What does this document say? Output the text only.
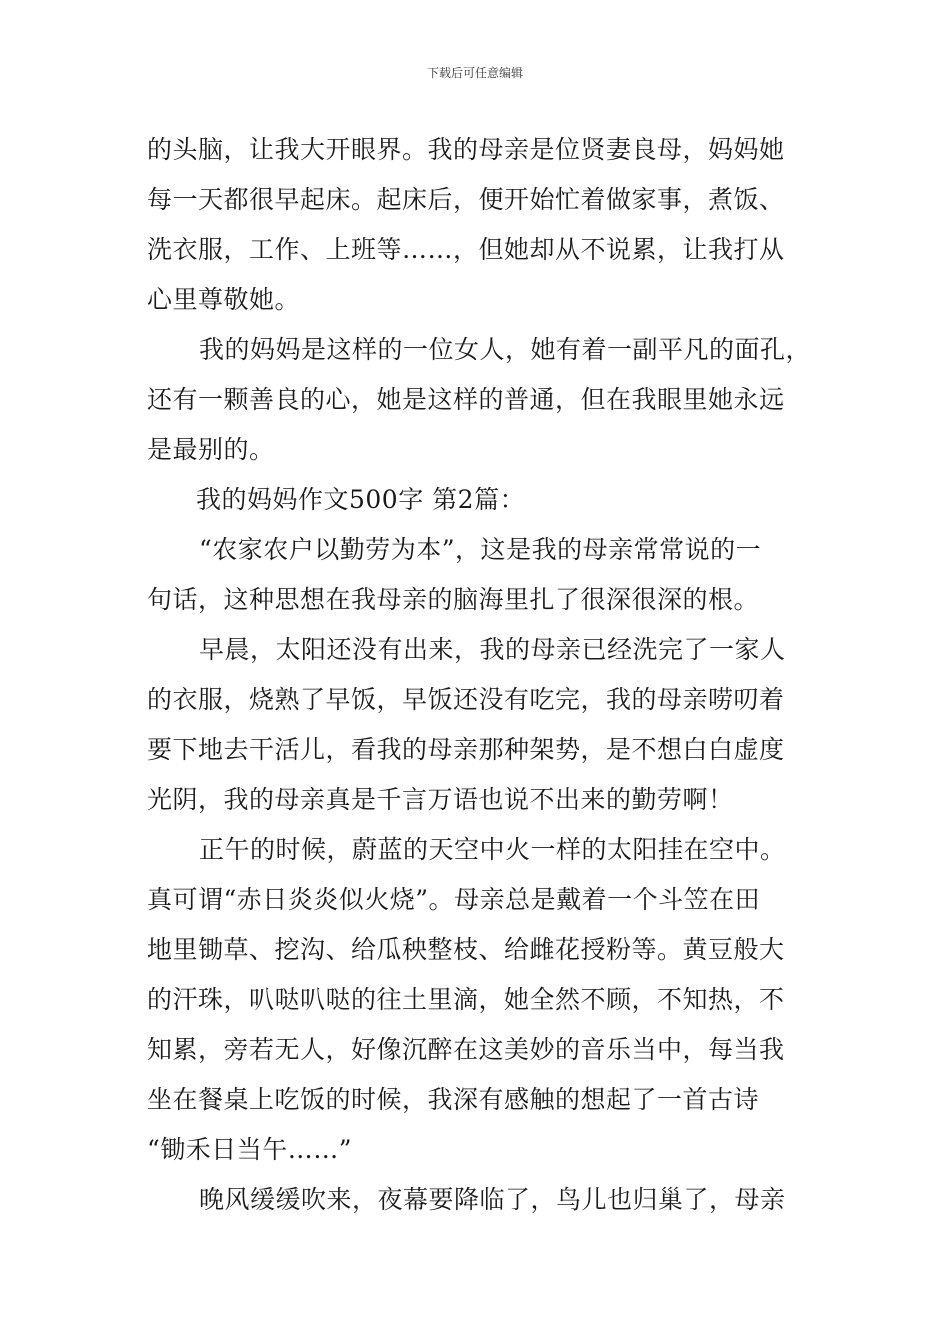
下载后可任意编辑
的头脑，让我大开眼界。我的母亲是位贤妻良母，妈妈她
每一天都很早起床。起床后，便开始忙着做家事，煮饭、
洗衣服，工作、上班等……，但她却从不说累，让我打从
心里尊敬她。
我的妈妈是这样的一位女人，她有着一副平凡的面孔，
还有一颗善良的心，她是这样的普通，但在我眼里她永远
是最别的。
我的妈妈作文500字 第2篇：
“农家农户以勤劳为本”，这是我的母亲常常说的一
句话，这种思想在我母亲的脑海里扎了很深很深的根。
早晨，太阳还没有出来，我的母亲已经洗完了一家人
的衣服，烧熟了早饭，早饭还没有吃完，我的母亲唠叨着
要下地去干活儿，看我的母亲那种架势，是不想白白虚度
光阴，我的母亲真是千言万语也说不出来的勤劳啊！
正午的时候，蔚蓝的天空中火一样的太阳挂在空中。
真可谓“赤日炎炎似火烧”。母亲总是戴着一个斗笠在田
地里锄草、挖沟、给瓜秧整枝、给雌花授粉等。黄豆般大
的汗珠，叭哒叭哒的往土里滴，她全然不顾，不知热，不
知累，旁若无人，好像沉醉在这美妙的音乐当中，每当我
坐在餐桌上吃饭的时候，我深有感触的想起了一首古诗
“锄禾日当午……”
晚风缓缓吹来，夜幕要降临了，鸟儿也归巢了，母亲
